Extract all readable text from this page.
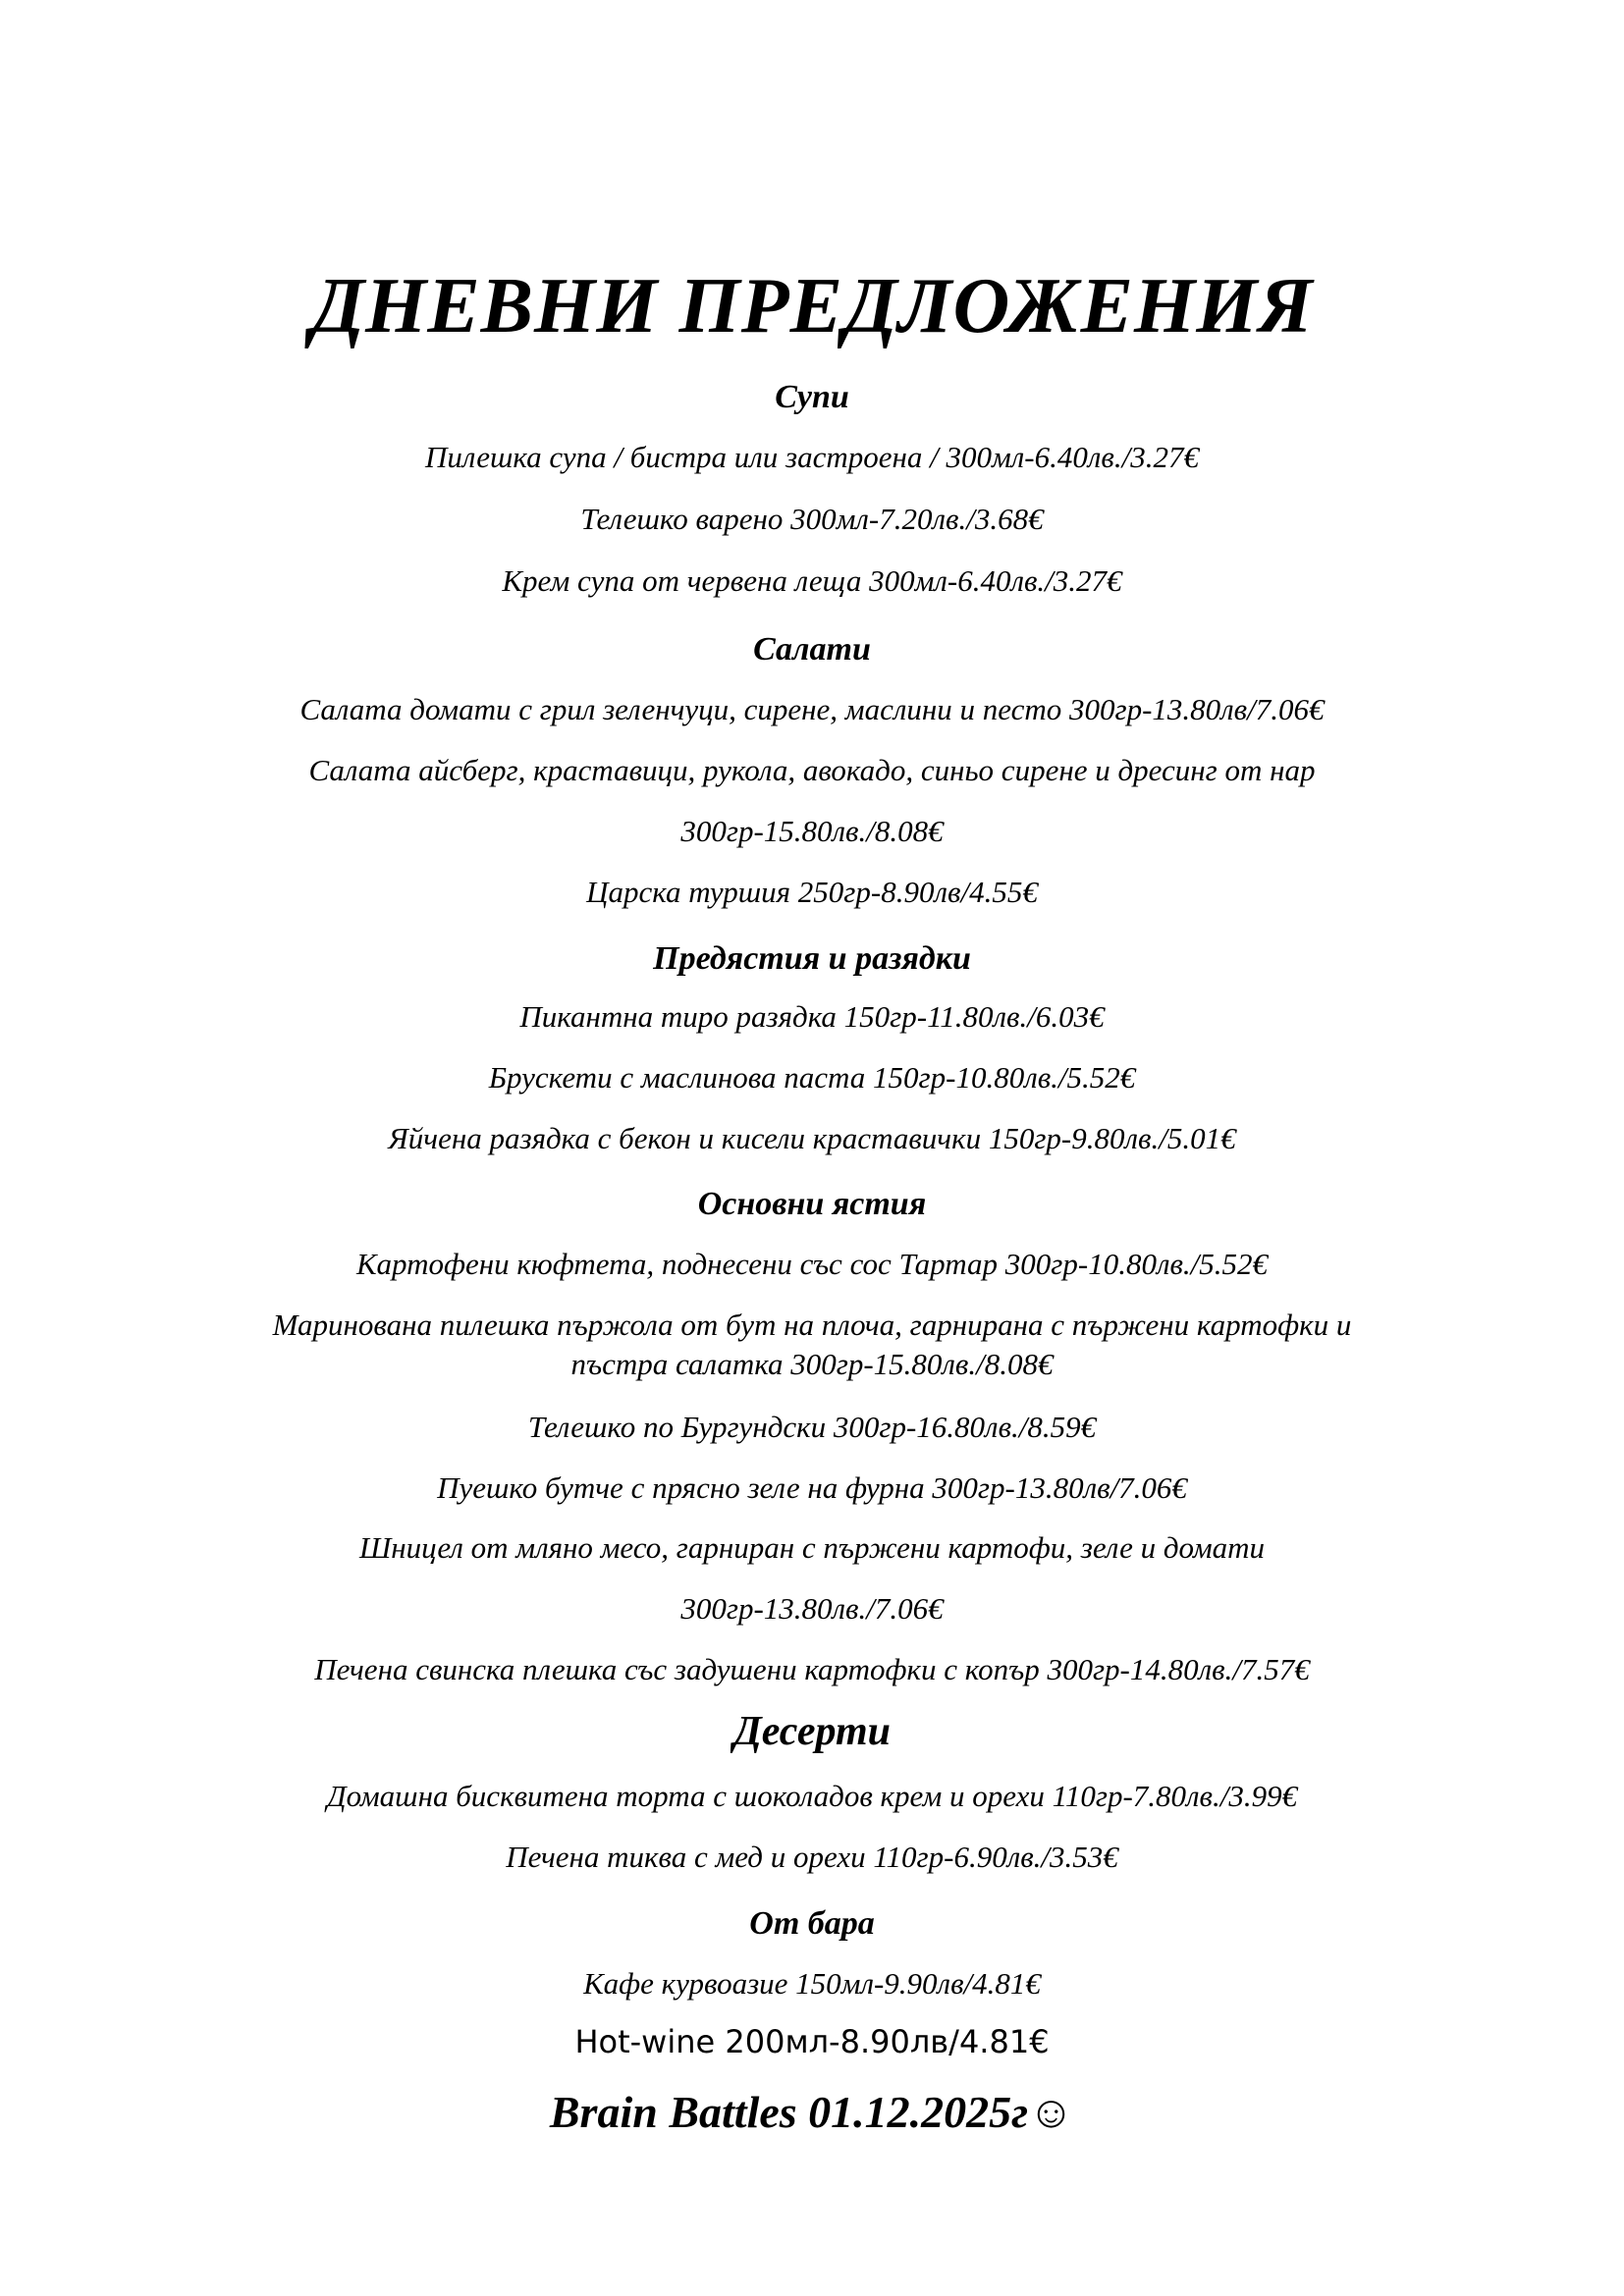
ДНЕВНИ ПРЕДЛОЖЕНИЯ
Супи
Пилешка супа / бистра или застроена / 300мл-6.40лв./3.27€
Телешко варено 300мл-7.20лв./3.68€
Крем супа от червена леща 300мл-6.40лв./3.27€
Салати
Салата домати с грил зеленчуци, сирене, маслини и песто 300гр-13.80лв/7.06€
Салата айсберг, краставици, рукола, авокадо, синьо сирене и дресинг от нар
300гр-15.80лв./8.08€
Царска туршия 250гр-8.90лв/4.55€
Предястия и разядки
Пикантна тиро разядка 150гр-11.80лв./6.03€
Брускети с маслинова паста 150гр-10.80лв./5.52€
Яйчена разядка с бекон и кисели краставички 150гр-9.80лв./5.01€
Основни ястия
Картофени кюфтета, поднесени със сос Тартар 300гр-10.80лв./5.52€
Маринована пилешка пържола от бут на плоча, гарнирана с пържени картофки и
пъстра салатка 300гр-15.80лв./8.08€
Телешко по Бургундски 300гр-16.80лв./8.59€
Пуешко бутче с прясно зеле на фурна 300гр-13.80лв/7.06€
Шницел от мляно месо, гарниран с пържени картофи, зеле и домати
300гр-13.80лв./7.06€
Печена свинска плешка със задушени картофки с копър 300гр-14.80лв./7.57€
Десерти
Домашна бисквитена торта с шоколадов крем и орехи 110гр-7.80лв./3.99€
Печена тиква с мед и орехи 110гр-6.90лв./3.53€
От бара
Кафе курвоазие 150мл-9.90лв/4.81€
Hot-wine 200мл-8.90лв/4.81€
Brain Battles 01.12.2025г☺
